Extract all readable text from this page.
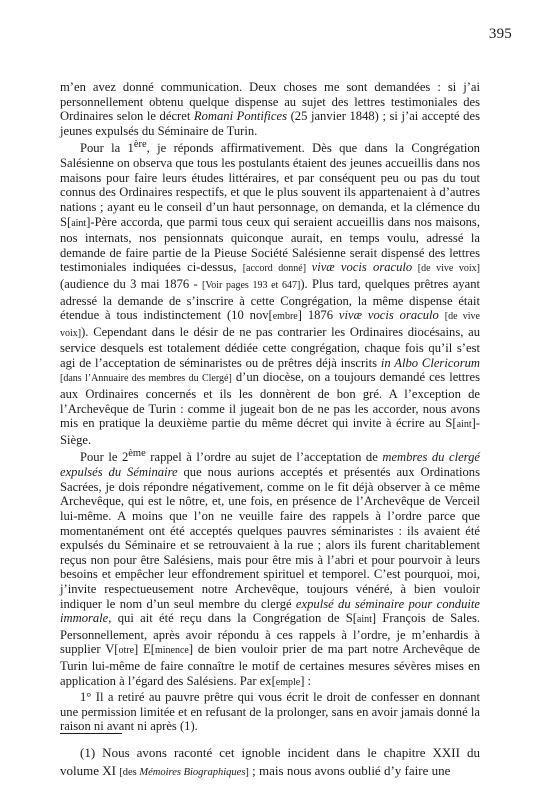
395

m’en avez donné communication. Deux choses me sont demandées : si j’ai personnellement obtenu quelque dispense au sujet des lettres testimoniales des Ordinaires selon le décret Romani Pontifices (25 janvier 1848) ; si j’ai accepté des jeunes expulsés du Séminaire de Turin.

Pour la 1ère, je réponds affirmativement. Dès que dans la Congrégation Salésienne on observa que tous les postulants étaient des jeunes accueillis dans nos maisons pour faire leurs études littéraires, et par conséquent peu ou pas du tout connus des Ordinaires respectifs, et que le plus souvent ils appartenaient à d’autres nations ; ayant eu le conseil d’un haut personnage, on demanda, et la clémence du S[aint]-Père accorda, que parmi tous ceux qui seraient accueillis dans nos maisons, nos internats, nos pensionnats quiconque aurait, en temps voulu, adressé la demande de faire partie de la Pieuse Société Salésienne serait dispensé des lettres testimoniales indiquées ci-dessus, [accord donné] vivæ vocis oraculo [de vive voix] (audience du 3 mai 1876 - [Voir pages 193 et 647]). Plus tard, quelques prêtres ayant adressé la demande de s’inscrire à cette Congrégation, la même dispense était étendue à tous indistinctement (10 nov[embre] 1876 vivæ vocis oraculo [de vive voix]). Cependant dans le désir de ne pas contrarier les Ordinaires diocésains, au service desquels est totalement dédiée cette congrégation, chaque fois qu’il s’est agi de l’acceptation de séminaristes ou de prêtres déjà inscrits in Albo Clericorum [dans l’Annuaire des membres du Clergé] d’un diocèse, on a toujours demandé ces lettres aux Ordinaires concernés et ils les donnèrent de bon gré. A l’exception de l’Archevêque de Turin : comme il jugeait bon de ne pas les accorder, nous avons mis en pratique la deuxième partie du même décret qui invite à écrire au S[aint]-Siège.

Pour le 2ème rappel à l’ordre au sujet de l’acceptation de membres du clergé expulsés du Séminaire que nous aurions acceptés et présentés aux Ordinations Sacrées, je dois répondre négativement, comme on le fit déjà observer à ce même Archevêque, qui est le nôtre, et, une fois, en présence de l’Archevêque de Verceil lui-même. A moins que l’on ne veuille faire des rappels à l’ordre parce que momentanément ont été acceptés quelques pauvres séminaristes : ils avaient été expulsés du Séminaire et se retrouvaient à la rue ; alors ils furent charitablement reçus non pour être Salésiens, mais pour être mis à l’abri et pour pourvoir à leurs besoins et empêcher leur effondrement spirituel et temporel. C’est pourquoi, moi, j’invite respectueusement notre Archevêque, toujours vénéré, à bien vouloir indiquer le nom d’un seul membre du clergé expulsé du séminaire pour conduite immorale, qui ait été reçu dans la Congrégation de S[aint] François de Sales. Personnellement, après avoir répondu à ces rappels à l’ordre, je m’enhardis à supplier V[otre] E[minence] de bien vouloir prier de ma part notre Archevêque de Turin lui-même de faire connaître le motif de certaines mesures sévères mises en application à l’égard des Salésiens. Par ex[emple] :

1° Il a retiré au pauvre prêtre qui vous écrit le droit de confesser en donnant une permission limitée et en refusant de la prolonger, sans en avoir jamais donné la raison ni avant ni après (1).

(1) Nous avons raconté cet ignoble incident dans le chapitre XXII du volume XI [des Mémoires Biographiques] ; mais nous avons oublié d’y faire une
